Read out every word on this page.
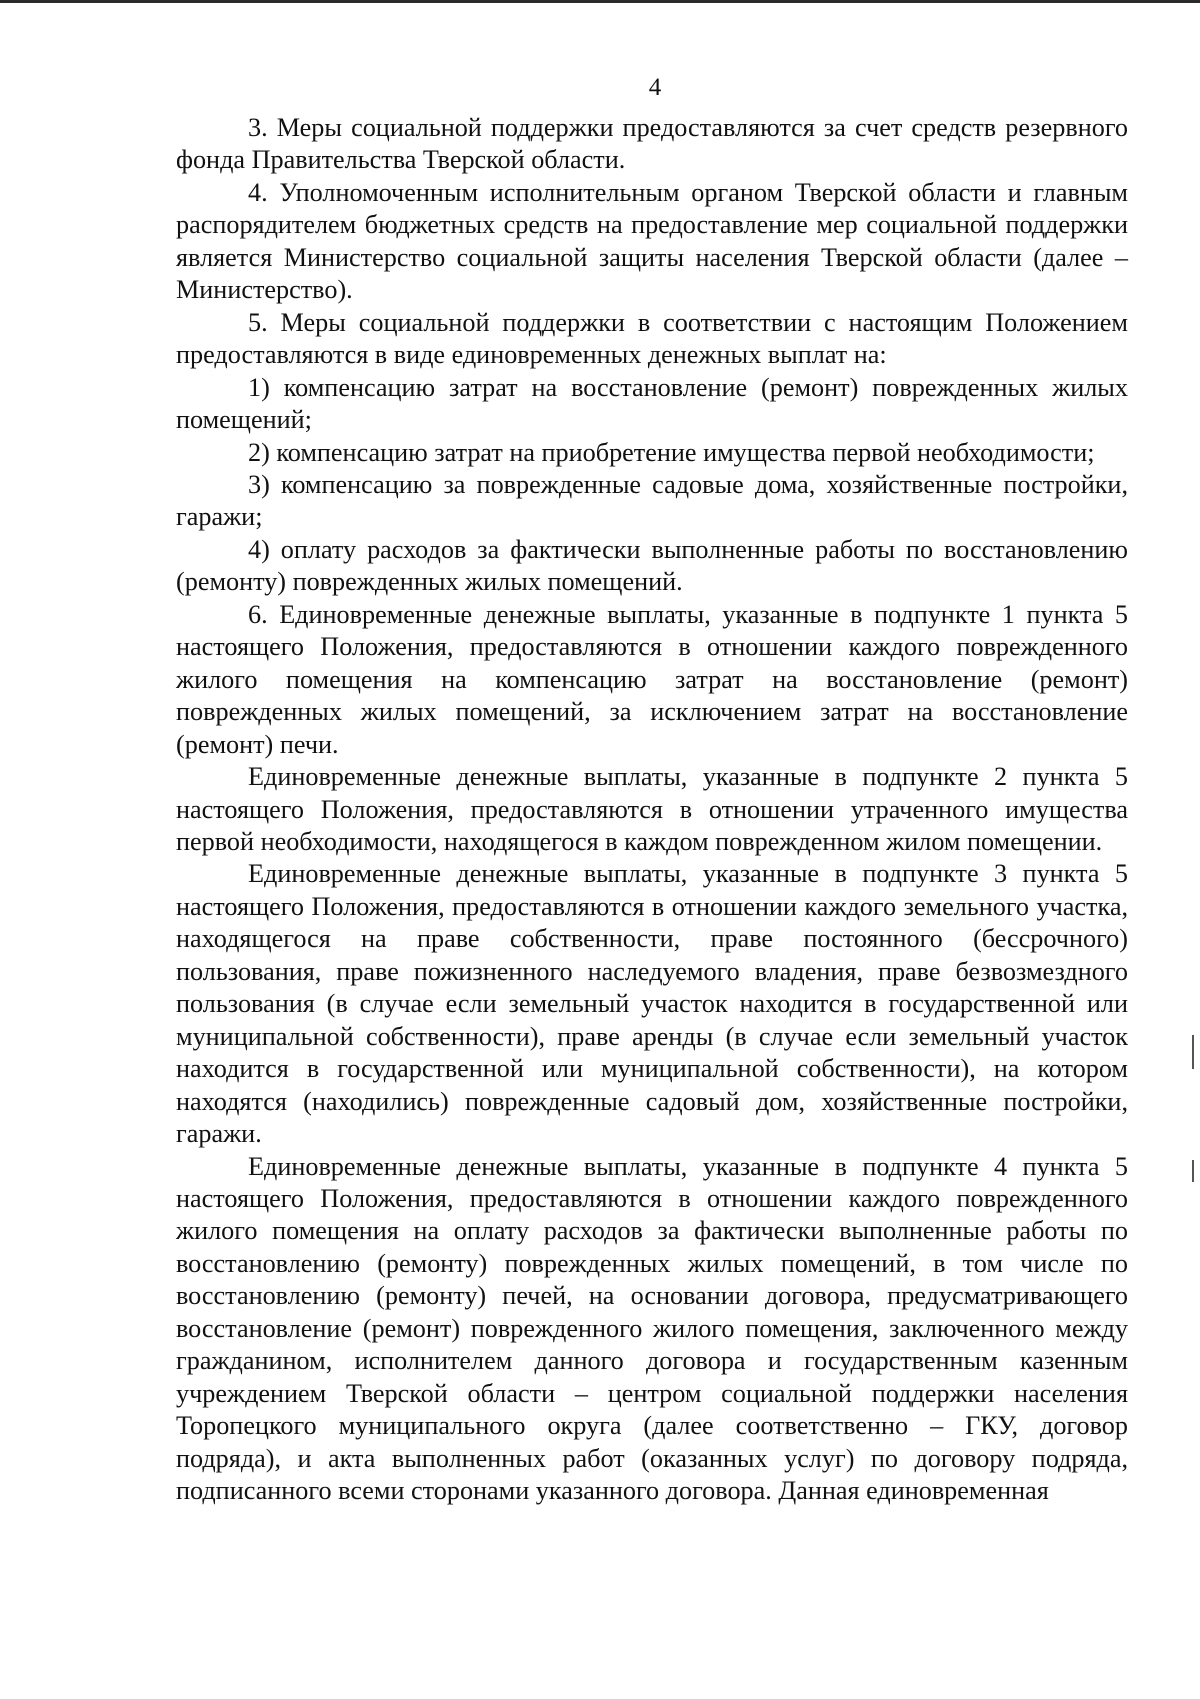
4

3. Меры социальной поддержки предоставляются за счет средств резервного фонда Правительства Тверской области.

4. Уполномоченным исполнительным органом Тверской области и главным распорядителем бюджетных средств на предоставление мер социальной поддержки является Министерство социальной защиты населения Тверской области (далее – Министерство).

5. Меры социальной поддержки в соответствии с настоящим Положением предоставляются в виде единовременных денежных выплат на:

1) компенсацию затрат на восстановление (ремонт) поврежденных жилых помещений;

2) компенсацию затрат на приобретение имущества первой необходимости;

3) компенсацию за поврежденные садовые дома, хозяйственные постройки, гаражи;

4) оплату расходов за фактически выполненные работы по восстановлению (ремонту) поврежденных жилых помещений.

6. Единовременные денежные выплаты, указанные в подпункте 1 пункта 5 настоящего Положения, предоставляются в отношении каждого поврежденного жилого помещения на компенсацию затрат на восстановление (ремонт) поврежденных жилых помещений, за исключением затрат на восстановление (ремонт) печи.

Единовременные денежные выплаты, указанные в подпункте 2 пункта 5 настоящего Положения, предоставляются в отношении утраченного имущества первой необходимости, находящегося в каждом поврежденном жилом помещении.

Единовременные денежные выплаты, указанные в подпункте 3 пункта 5 настоящего Положения, предоставляются в отношении каждого земельного участка, находящегося на праве собственности, праве постоянного (бессрочного) пользования, праве пожизненного наследуемого владения, праве безвозмездного пользования (в случае если земельный участок находится в государственной или муниципальной собственности), праве аренды (в случае если земельный участок находится в государственной или муниципальной собственности), на котором находятся (находились) поврежденные садовый дом, хозяйственные постройки, гаражи.

Единовременные денежные выплаты, указанные в подпункте 4 пункта 5 настоящего Положения, предоставляются в отношении каждого поврежденного жилого помещения на оплату расходов за фактически выполненные работы по восстановлению (ремонту) поврежденных жилых помещений, в том числе по восстановлению (ремонту) печей, на основании договора, предусматривающего восстановление (ремонт) поврежденного жилого помещения, заключенного между гражданином, исполнителем данного договора и государственным казенным учреждением Тверской области – центром социальной поддержки населения Торопецкого муниципального округа (далее соответственно – ГКУ, договор подряда), и акта выполненных работ (оказанных услуг) по договору подряда, подписанного всеми сторонами указанного договора. Данная единовременная
